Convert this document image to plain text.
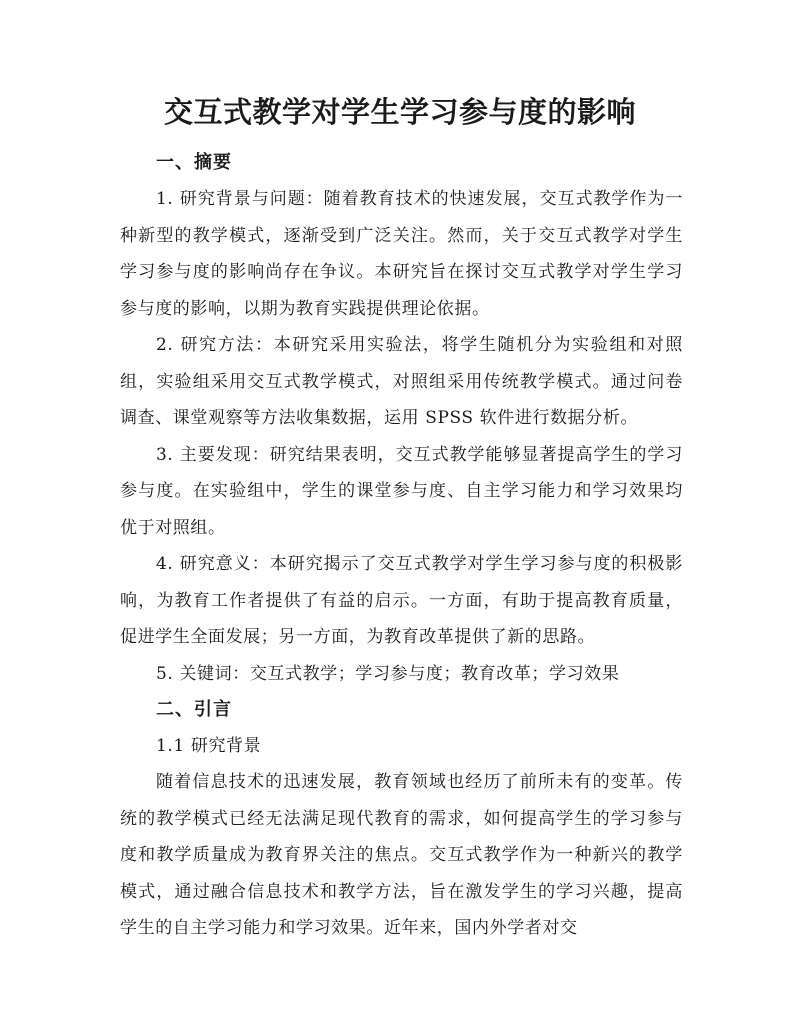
交互式教学对学生学习参与度的影响
一、摘要

1. 研究背景与问题：随着教育技术的快速发展，交互式教学作为一种新型的教学模式，逐渐受到广泛关注。然而，关于交互式教学对学生学习参与度的影响尚存在争议。本研究旨在探讨交互式教学对学生学习参与度的影响，以期为教育实践提供理论依据。

2. 研究方法：本研究采用实验法，将学生随机分为实验组和对照组，实验组采用交互式教学模式，对照组采用传统教学模式。通过问卷调查、课堂观察等方法收集数据，运用 SPSS 软件进行数据分析。

3. 主要发现：研究结果表明，交互式教学能够显著提高学生的学习参与度。在实验组中，学生的课堂参与度、自主学习能力和学习效果均优于对照组。

4. 研究意义：本研究揭示了交互式教学对学生学习参与度的积极影响，为教育工作者提供了有益的启示。一方面，有助于提高教育质量，促进学生全面发展；另一方面，为教育改革提供了新的思路。

5. 关键词：交互式教学；学习参与度；教育改革；学习效果

二、引言

1.1 研究背景

随着信息技术的迅速发展，教育领域也经历了前所未有的变革。传统的教学模式已经无法满足现代教育的需求，如何提高学生的学习参与度和教学质量成为教育界关注的焦点。交互式教学作为一种新兴的教学模式，通过融合信息技术和教学方法，旨在激发学生的学习兴趣，提高学生的自主学习能力和学习效果。近年来，国内外学者对交
